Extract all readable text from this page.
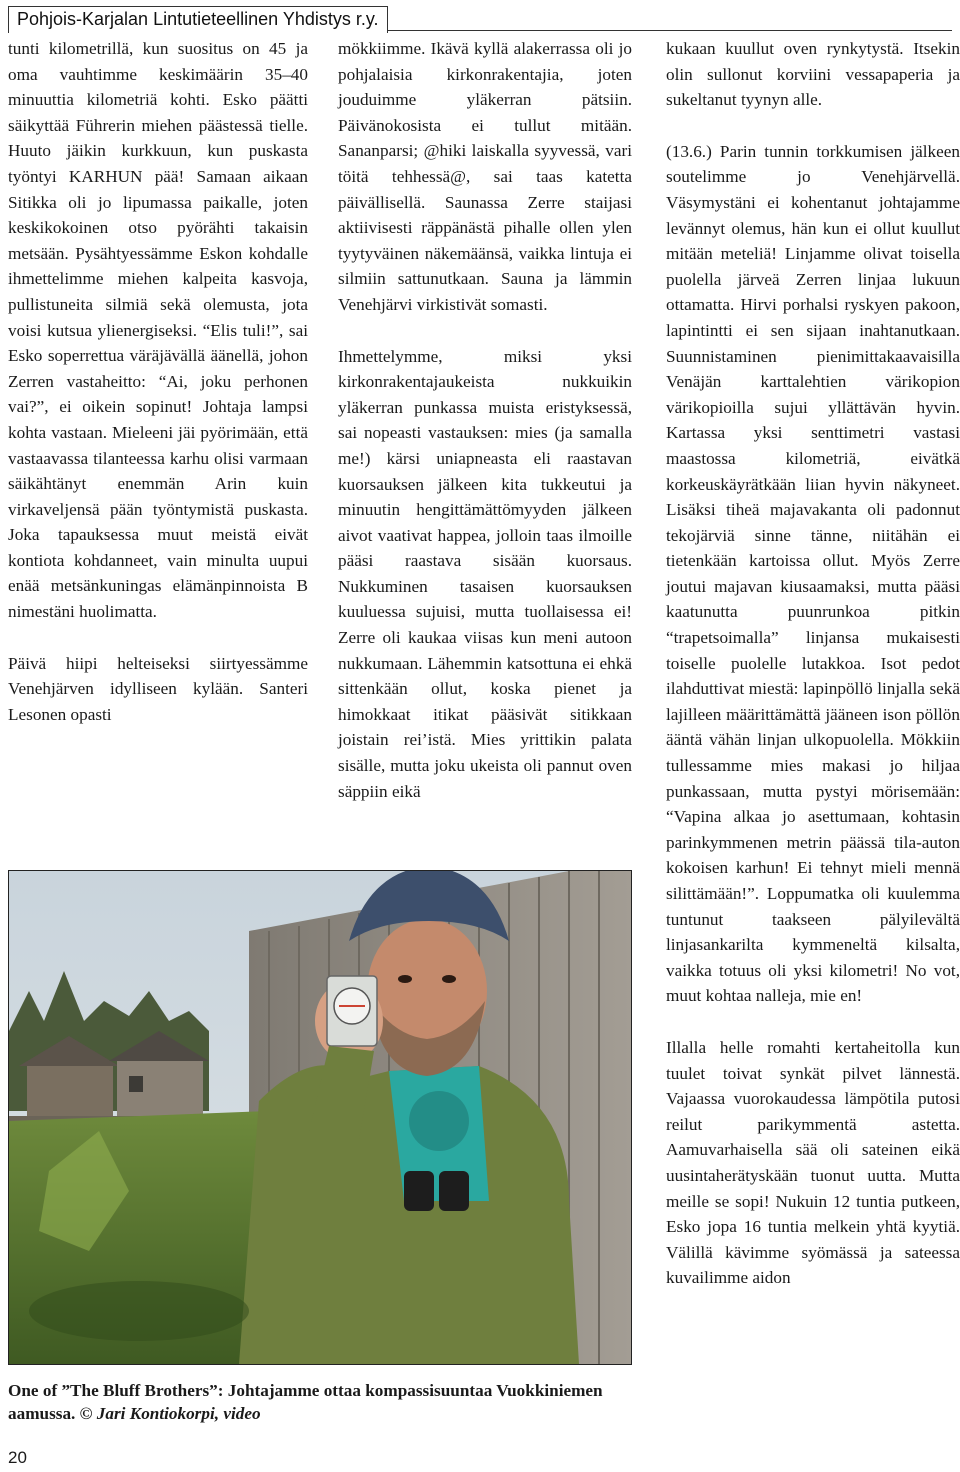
Pohjois-Karjalan Lintutieteellinen Yhdistys r.y.

tunti kilometrillä, kun suositus on 45 ja oma vauhtimme keskimäärin 35–40 minuuttia kilometriä kohti. Esko päätti säikyttää Führerin miehen päästessä tielle. Huuto jäikin kurkkuun, kun puskasta työntyi KARHUN pää! Samaan aikaan Sitikka oli jo lipumassa paikalle, joten keskikokoinen otso pyörähti takaisin metsään. Pysähtyessämme Eskon kohdalle ihmettelimme miehen kalpeita kasvoja, pullistuneita silmiä sekä olemusta, jota voisi kutsua ylienergiseksi. “Elis tuli!”, sai Esko soperrettua väräjävällä äänellä, johon Zerren vastaheitto: “Ai, joku perhonen vai?”, ei oikein sopinut! Johtaja lampsi kohta vastaan. Mieleeni jäi pyörimään, että vastaavassa tilanteessa karhu olisi varmaan säikähtänyt enemmän Arin kuin virkaveljensä pään työntymistä puskasta. Joka tapauksessa muut meistä eivät kontiota kohdanneet, vain minulta uupui enää metsänkuningas elämänpinnoista B nimestäni huolimatta.

Päivä hiipi helteiseksi siirtyessämme Venehjärven idylliseen kylään. Santeri Lesonen opasti

mökkiimme. Ikävä kyllä alakerrassa oli jo pohjalaisia kirkonrakentajia, joten jouduimme yläkerran pätsiin. Päivänokosista ei tullut mitään. Sananparsi; @hiki laiskalla syyvessä, vari töitä tehhessä@, sai taas katetta päivällisellä. Saunassa Zerre staijasi aktiivisesti räppänästä pihalle ollen ylen tyytyväinen näkemäänsä, vaikka lintuja ei silmiin sattunutkaan. Sauna ja lämmin Venehjärvi virkistivät somasti.

Ihmettelymme, miksi yksi kirkonrakentajaukeista nukkuikin yläkerran punkassa muista eristyksessä, sai nopeasti vastauksen: mies (ja samalla me!) kärsi uniapneasta eli raastavan kuorsauksen jälkeen kita tukkeutui ja minuutin hengittämättömyyden jälkeen aivot vaativat happea, jolloin taas ilmoille pääsi raastava sisään kuorsaus. Nukkuminen tasaisen kuorsauksen kuuluessa sujuisi, mutta tuollaisessa ei! Zerre oli kaukaa viisas kun meni autoon nukkumaan. Lähemmin katsottuna ei ehkä sittenkään ollut, koska pienet ja himokkaat itikat pääsivät sitikkaan joistain rei’istä. Mies yrittikin palata sisälle, mutta joku ukeista oli pannut oven säppiin eikä

kukaan kuullut oven rynkytystä. Itsekin olin sullonut korviini vessapaperia ja sukeltanut tyynyn alle.

(13.6.) Parin tunnin torkkumisen jälkeen soutelimme jo Venehjärvellä. Väsymystäni ei kohentanut johtajamme levännyt olemus, hän kun ei ollut kuullut mitään meteliä! Linjamme olivat toisella puolella järveä Zerren linjaa lukuun ottamatta. Hirvi porhalsi ryskyen pakoon, lapintintti ei sen sijaan inahtanutkaan. Suunnistaminen pienimittakaavaisilla Venäjän karttalehtien värikopion värikopioilla sujui yllättävän hyvin. Kartassa yksi senttimetri vastasi maastossa kilometriä, eivätkä korkeuskäyrätkään liian hyvin näkyneet. Lisäksi tiheä majavakanta oli padonnut tekojärviä sinne tänne, niitähän ei tietenkään kartoissa ollut. Myös Zerre joutui majavan kiusaamaksi, mutta pääsi kaatunutta puunrunkoa pitkin “trapetsoimalla” linjansa mukaisesti toiselle puolelle lutakkoa. Isot pedot ilahduttivat miestä: lapinpöllö linjalla sekä lajilleen määrittämättä jääneen ison pöllön ääntä vähän linjan ulkopuolella. Mökkiin tullessamme mies makasi jo hiljaa punkassaan, mutta pystyi mörisemään: “Vapina alkaa jo asettumaan, kohtasin parinkymmenen metrin päässä tila-auton kokoisen karhun! Ei tehnyt mieli mennä silittämään!”. Loppumatka oli kuulemma tuntunut taakseen pälyilevältä linjasankarilta kymmeneltä kilsalta, vaikka totuus oli yksi kilometri! No vot, muut kohtaa nalleja, mie en!

Illalla helle romahti kertaheitolla kun tuulet toivat synkät pilvet lännestä. Vajaassa vuorokaudessa lämpötila putosi reilut parikymmentä astetta. Aamuvarhaisella sää oli sateinen eikä uusintaherätyskään tuonut uutta. Mutta meille se sopi! Nukuin 12 tuntia putkeen, Esko jopa 16 tuntia melkein yhtä kyytiä. Välillä kävimme syömässä ja sateessa kuvailimme aidon

One of ”The Bluff Brothers”: Johtajamme ottaa kompassisuuntaa Vuokkiniemen aamussa. © Jari Kontiokorpi, video
20
